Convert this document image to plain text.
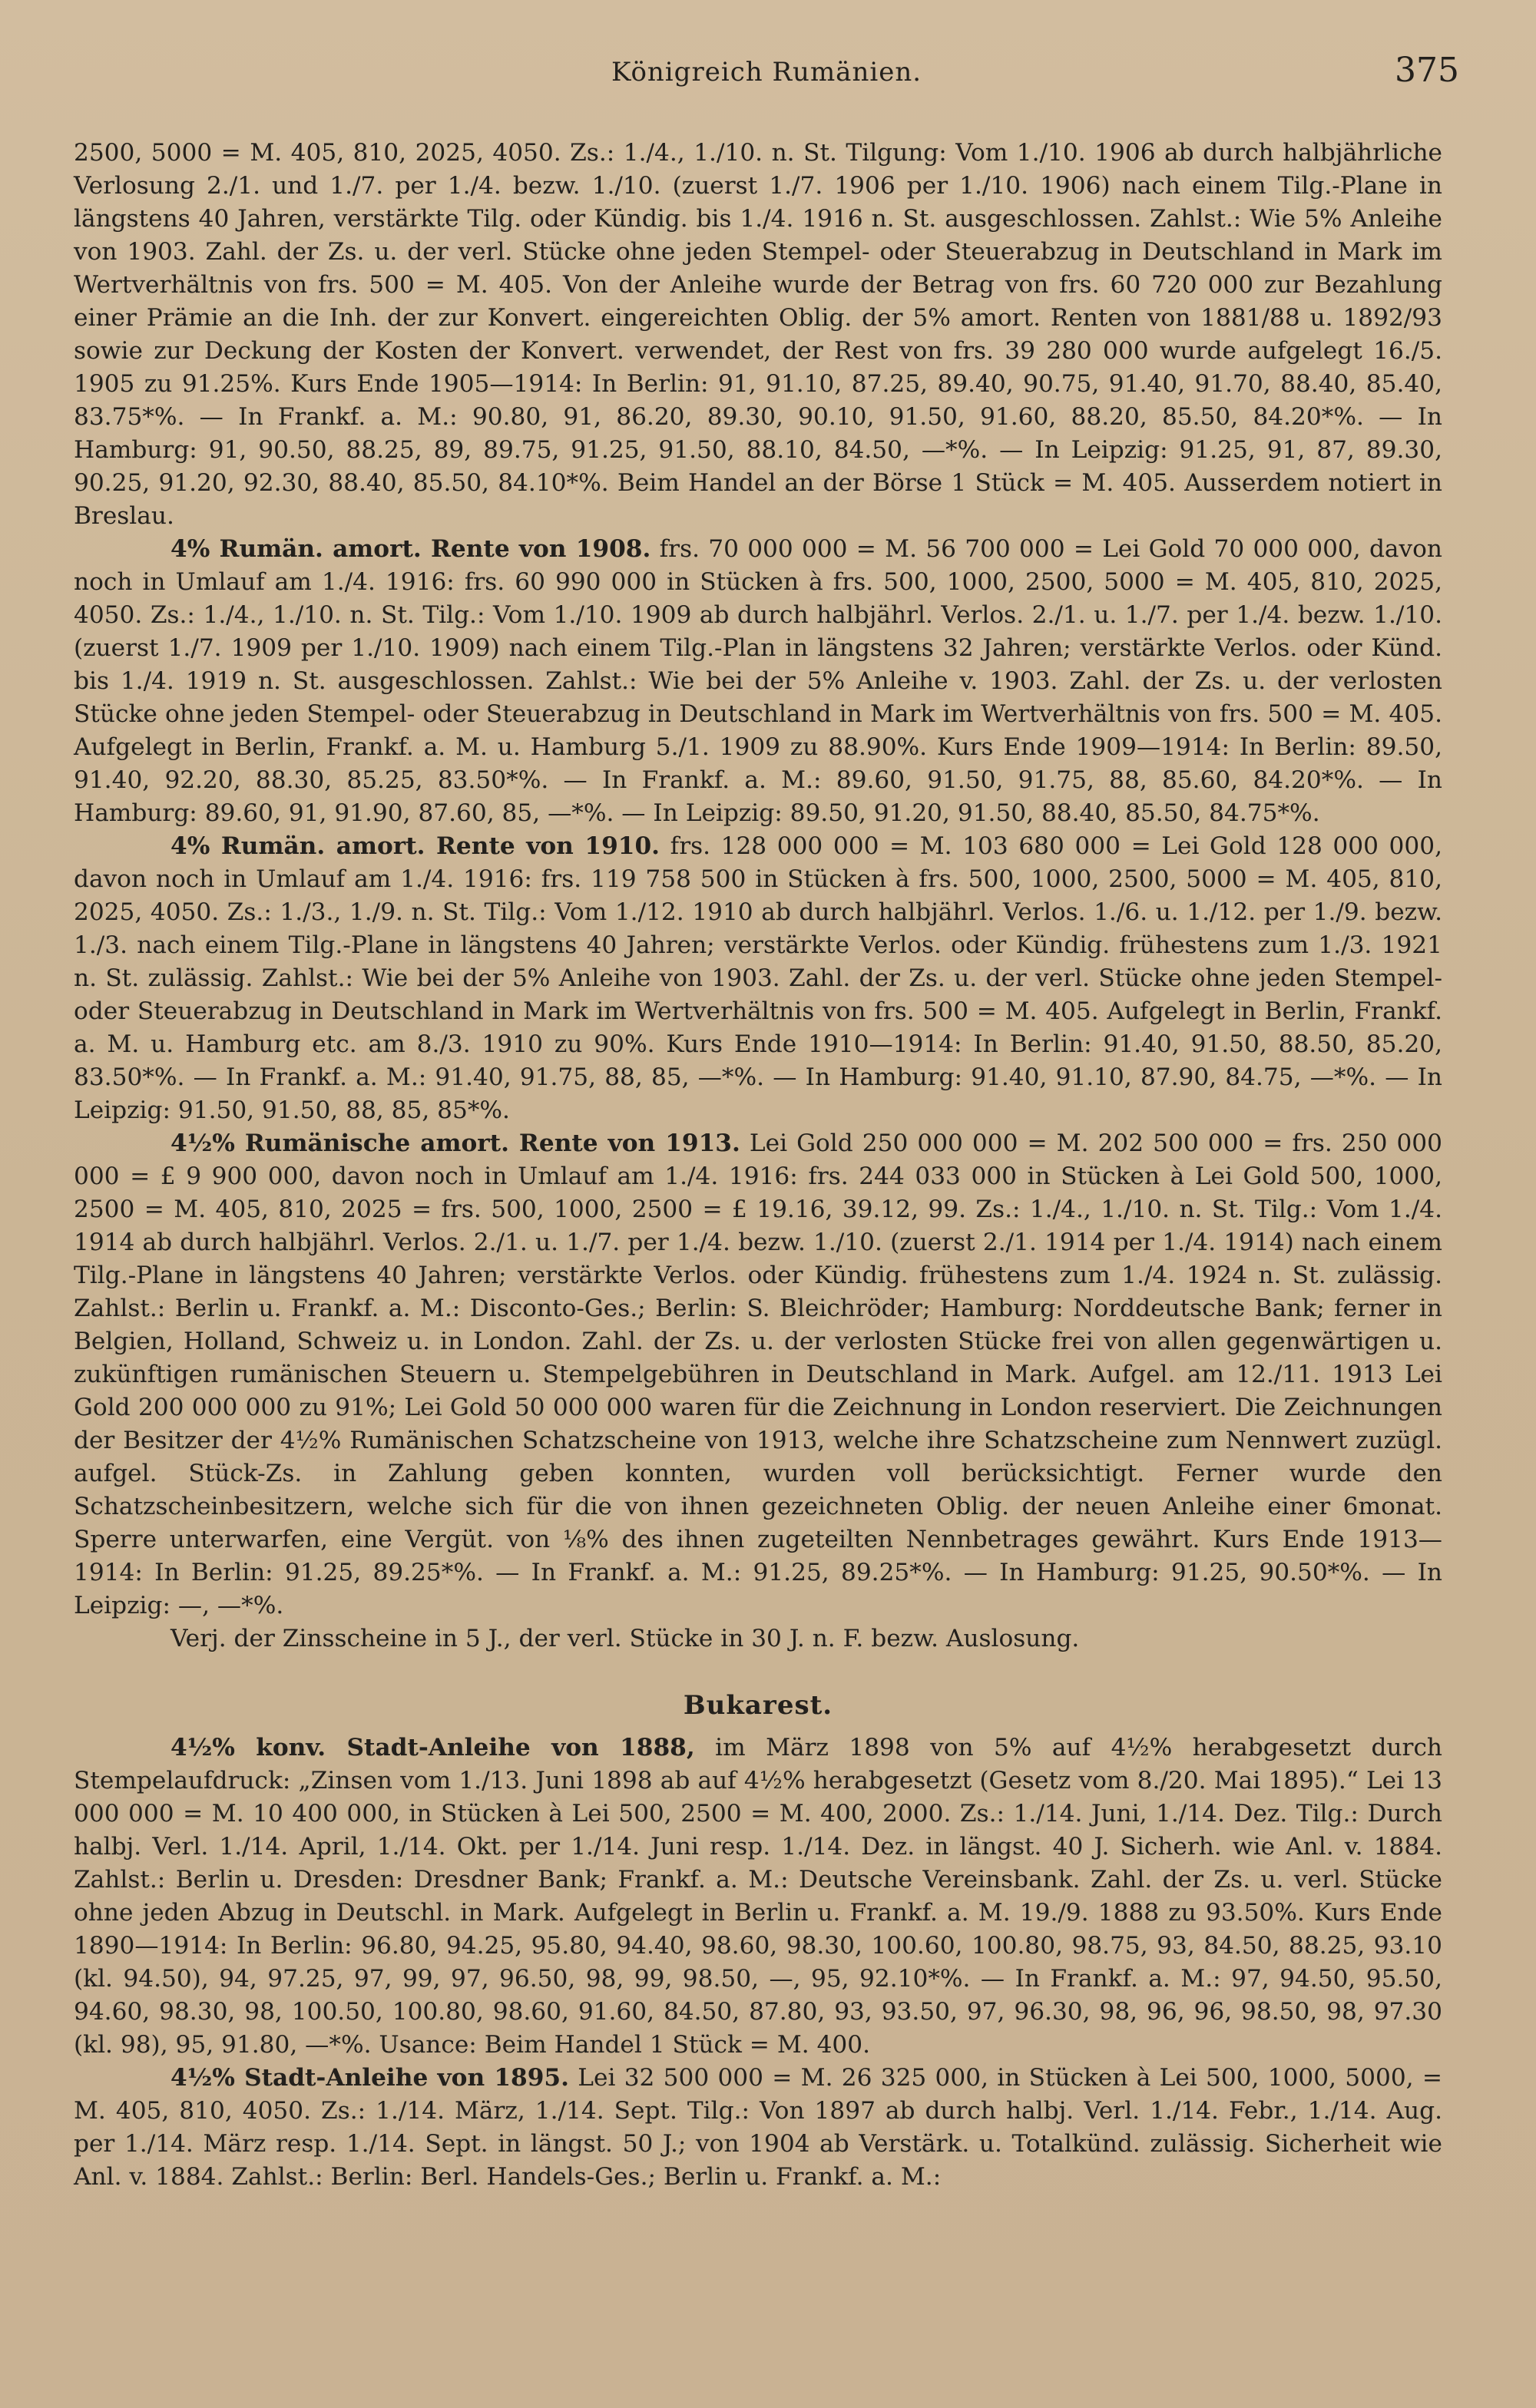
Königreich Rumänien.	375

2500, 5000 = M. 405, 810, 2025, 4050. Zs.: 1./4., 1./10. n. St. Tilgung: Vom 1./10. 1906 ab durch halbjährliche Verlosung 2./1. und 1./7. per 1./4. bezw. 1./10. (zuerst 1./7. 1906 per 1./10. 1906) nach einem Tilg.-Plane in längstens 40 Jahren, verstärkte Tilg. oder Kündig. bis 1./4. 1916 n. St. ausgeschlossen. Zahlst.: Wie 5% Anleihe von 1903. Zahl. der Zs. u. der verl. Stücke ohne jeden Stempel- oder Steuerabzug in Deutschland in Mark im Wertverhältnis von frs. 500 = M. 405. Von der Anleihe wurde der Betrag von frs. 60 720 000 zur Bezahlung einer Prämie an die Inh. der zur Konvert. eingereichten Oblig. der 5% amort. Renten von 1881/88 u. 1892/93 sowie zur Deckung der Kosten der Konvert. verwendet, der Rest von frs. 39 280 000 wurde aufgelegt 16./5. 1905 zu 91.25%. Kurs Ende 1905—1914: In Berlin: 91, 91.10, 87.25, 89.40, 90.75, 91.40, 91.70, 88.40, 85.40, 83.75*%. — In Frankf. a. M.: 90.80, 91, 86.20, 89.30, 90.10, 91.50, 91.60, 88.20, 85.50, 84.20*%. — In Hamburg: 91, 90.50, 88.25, 89, 89.75, 91.25, 91.50, 88.10, 84.50, —*%. — In Leipzig: 91.25, 91, 87, 89.30, 90.25, 91.20, 92.30, 88.40, 85.50, 84.10*%. Beim Handel an der Börse 1 Stück = M. 405. Ausserdem notiert in Breslau.

4% Rumän. amort. Rente von 1908. frs. 70 000 000 = M. 56 700 000 = Lei Gold 70 000 000, davon noch in Umlauf am 1./4. 1916: frs. 60 990 000 in Stücken à frs. 500, 1000, 2500, 5000 = M. 405, 810, 2025, 4050. Zs.: 1./4., 1./10. n. St. Tilg.: Vom 1./10. 1909 ab durch halbjährl. Verlos. 2./1. u. 1./7. per 1./4. bezw. 1./10. (zuerst 1./7. 1909 per 1./10. 1909) nach einem Tilg.-Plan in längstens 32 Jahren; verstärkte Verlos. oder Künd. bis 1./4. 1919 n. St. ausgeschlossen. Zahlst.: Wie bei der 5% Anleihe v. 1903. Zahl. der Zs. u. der verlosten Stücke ohne jeden Stempel- oder Steuerabzug in Deutschland in Mark im Wertverhältnis von frs. 500 = M. 405. Aufgelegt in Berlin, Frankf. a. M. u. Hamburg 5./1. 1909 zu 88.90%. Kurs Ende 1909—1914: In Berlin: 89.50, 91.40, 92.20, 88.30, 85.25, 83.50*%. — In Frankf. a. M.: 89.60, 91.50, 91.75, 88, 85.60, 84.20*%. — In Hamburg: 89.60, 91, 91.90, 87.60, 85, —*%. — In Leipzig: 89.50, 91.20, 91.50, 88.40, 85.50, 84.75*%.

4% Rumän. amort. Rente von 1910. frs. 128 000 000 = M. 103 680 000 = Lei Gold 128 000 000, davon noch in Umlauf am 1./4. 1916: frs. 119 758 500 in Stücken à frs. 500, 1000, 2500, 5000 = M. 405, 810, 2025, 4050. Zs.: 1./3., 1./9. n. St. Tilg.: Vom 1./12. 1910 ab durch halbjährl. Verlos. 1./6. u. 1./12. per 1./9. bezw. 1./3. nach einem Tilg.-Plane in längstens 40 Jahren; verstärkte Verlos. oder Kündig. frühestens zum 1./3. 1921 n. St. zulässig. Zahlst.: Wie bei der 5% Anleihe von 1903. Zahl. der Zs. u. der verl. Stücke ohne jeden Stempel- oder Steuerabzug in Deutschland in Mark im Wertverhältnis von frs. 500 = M. 405. Aufgelegt in Berlin, Frankf. a. M. u. Hamburg etc. am 8./3. 1910 zu 90%. Kurs Ende 1910—1914: In Berlin: 91.40, 91.50, 88.50, 85.20, 83.50*%. — In Frankf. a. M.: 91.40, 91.75, 88, 85, —*%. — In Hamburg: 91.40, 91.10, 87.90, 84.75, —*%. — In Leipzig: 91.50, 91.50, 88, 85, 85*%.

4½% Rumänische amort. Rente von 1913. Lei Gold 250 000 000 = M. 202 500 000 = frs. 250 000 000 = £ 9 900 000, davon noch in Umlauf am 1./4. 1916: frs. 244 033 000 in Stücken à Lei Gold 500, 1000, 2500 = M. 405, 810, 2025 = frs. 500, 1000, 2500 = £ 19.16, 39.12, 99. Zs.: 1./4., 1./10. n. St. Tilg.: Vom 1./4. 1914 ab durch halbjährl. Verlos. 2./1. u. 1./7. per 1./4. bezw. 1./10. (zuerst 2./1. 1914 per 1./4. 1914) nach einem Tilg.-Plane in längstens 40 Jahren; verstärkte Verlos. oder Kündig. frühestens zum 1./4. 1924 n. St. zulässig. Zahlst.: Berlin u. Frankf. a. M.: Disconto-Ges.; Berlin: S. Bleichröder; Hamburg: Norddeutsche Bank; ferner in Belgien, Holland, Schweiz u. in London. Zahl. der Zs. u. der verlosten Stücke frei von allen gegenwärtigen u. zukünftigen rumänischen Steuern u. Stempelgebühren in Deutschland in Mark. Aufgel. am 12./11. 1913 Lei Gold 200 000 000 zu 91%; Lei Gold 50 000 000 waren für die Zeichnung in London reserviert. Die Zeichnungen der Besitzer der 4½% Rumänischen Schatzscheine von 1913, welche ihre Schatzscheine zum Nennwert zuzügl. aufgel. Stück-Zs. in Zahlung geben konnten, wurden voll berücksichtigt. Ferner wurde den Schatzscheinbesitzern, welche sich für die von ihnen gezeichneten Oblig. der neuen Anleihe einer 6monat. Sperre unterwarfen, eine Vergüt. von ⅛% des ihnen zugeteilten Nennbetrages gewährt. Kurs Ende 1913—1914: In Berlin: 91.25, 89.25*%. — In Frankf. a. M.: 91.25, 89.25*%. — In Hamburg: 91.25, 90.50*%. — In Leipzig: —, —*%.

Verj. der Zinsscheine in 5 J., der verl. Stücke in 30 J. n. F. bezw. Auslosung.

Bukarest.

4½% konv. Stadt-Anleihe von 1888, im März 1898 von 5% auf 4½% herabgesetzt durch Stempelaufdruck: „Zinsen vom 1./13. Juni 1898 ab auf 4½% herabgesetzt (Gesetz vom 8./20. Mai 1895).“ Lei 13 000 000 = M. 10 400 000, in Stücken à Lei 500, 2500 = M. 400, 2000. Zs.: 1./14. Juni, 1./14. Dez. Tilg.: Durch halbj. Verl. 1./14. April, 1./14. Okt. per 1./14. Juni resp. 1./14. Dez. in längst. 40 J. Sicherh. wie Anl. v. 1884. Zahlst.: Berlin u. Dresden: Dresdner Bank; Frankf. a. M.: Deutsche Vereinsbank. Zahl. der Zs. u. verl. Stücke ohne jeden Abzug in Deutschl. in Mark. Aufgelegt in Berlin u. Frankf. a. M. 19./9. 1888 zu 93.50%. Kurs Ende 1890—1914: In Berlin: 96.80, 94.25, 95.80, 94.40, 98.60, 98.30, 100.60, 100.80, 98.75, 93, 84.50, 88.25, 93.10 (kl. 94.50), 94, 97.25, 97, 99, 97, 96.50, 98, 99, 98.50, —, 95, 92.10*%. — In Frankf. a. M.: 97, 94.50, 95.50, 94.60, 98.30, 98, 100.50, 100.80, 98.60, 91.60, 84.50, 87.80, 93, 93.50, 97, 96.30, 98, 96, 96, 98.50, 98, 97.30 (kl. 98), 95, 91.80, —*%. Usance: Beim Handel 1 Stück = M. 400.

4½% Stadt-Anleihe von 1895. Lei 32 500 000 = M. 26 325 000, in Stücken à Lei 500, 1000, 5000, = M. 405, 810, 4050. Zs.: 1./14. März, 1./14. Sept. Tilg.: Von 1897 ab durch halbj. Verl. 1./14. Febr., 1./14. Aug. per 1./14. März resp. 1./14. Sept. in längst. 50 J.; von 1904 ab Verstärk. u. Totalkünd. zulässig. Sicherheit wie Anl. v. 1884. Zahlst.: Berlin: Berl. Handels-Ges.; Berlin u. Frankf. a. M.:
